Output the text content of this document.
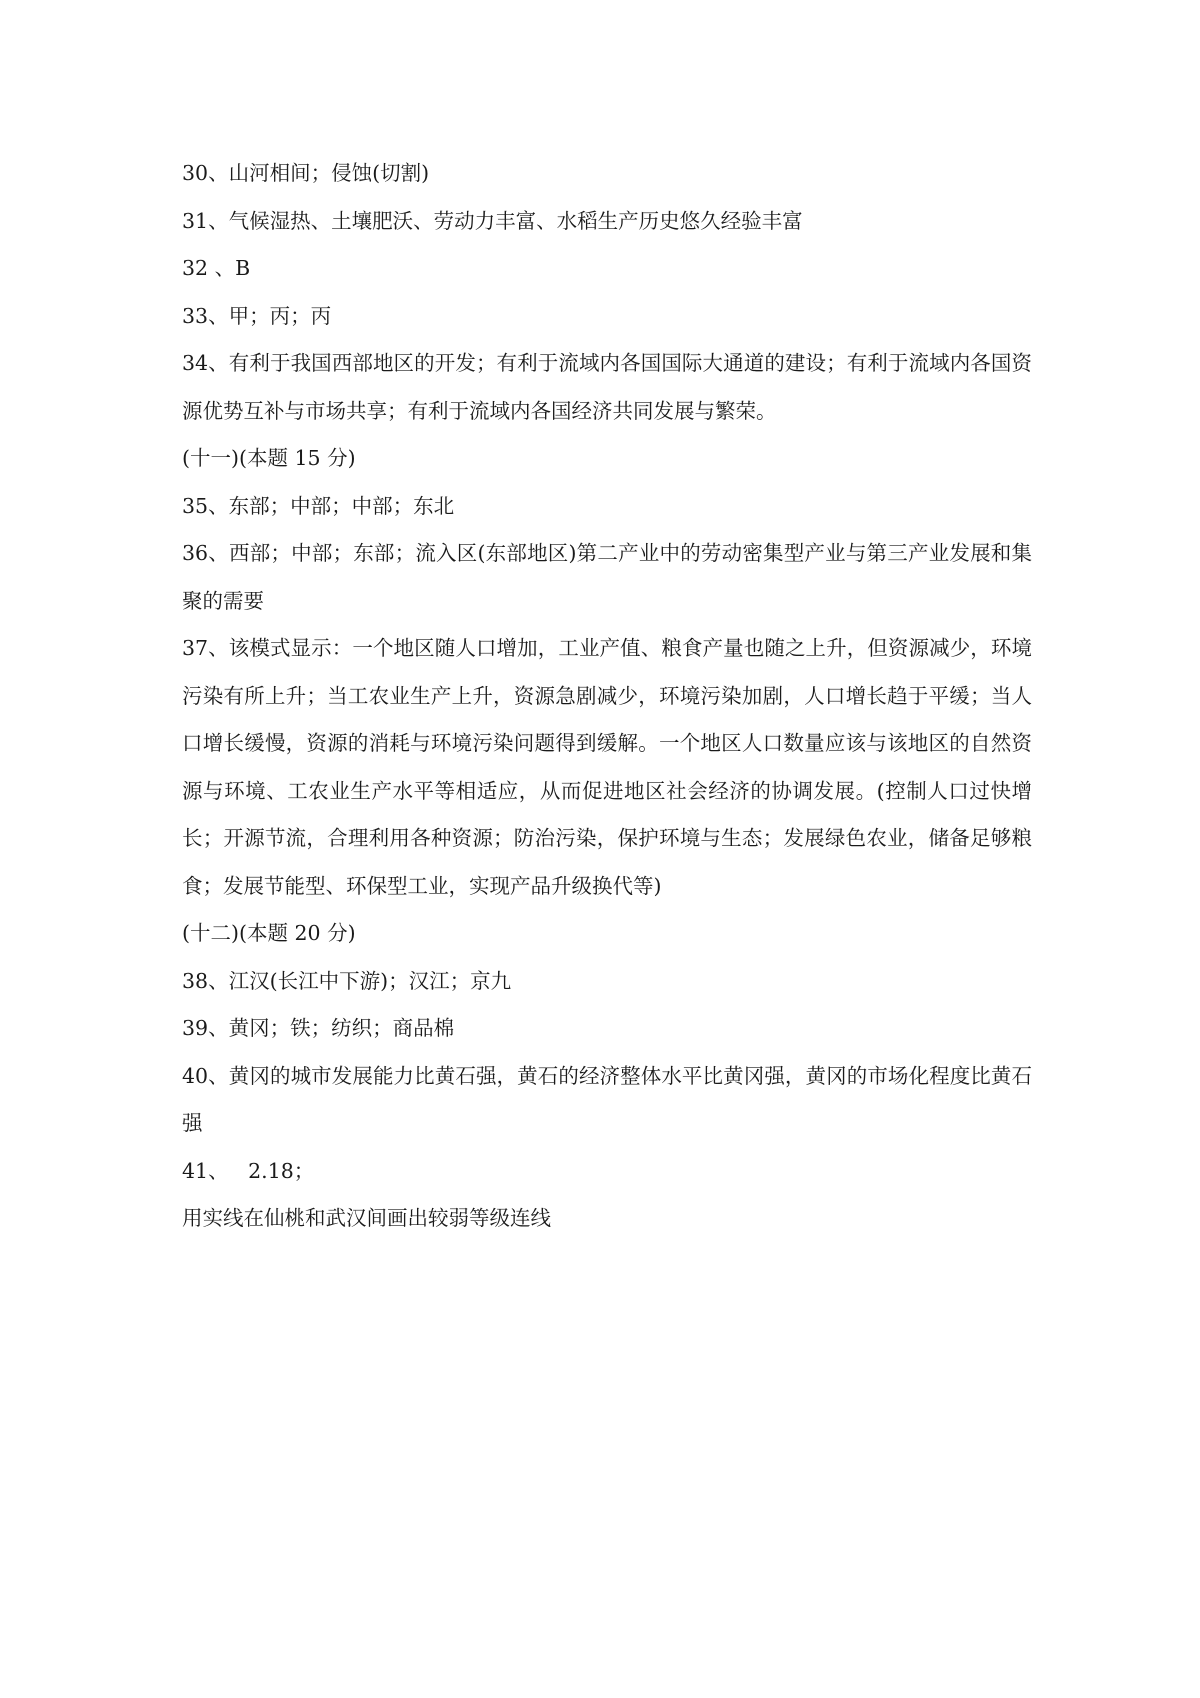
30、山河相间；侵蚀(切割)

31、气候湿热、土壤肥沃、劳动力丰富、水稻生产历史悠久经验丰富

32 、B

33、甲；丙；丙

34、有利于我国西部地区的开发；有利于流域内各国国际大通道的建设；有利于流域内各国资源优势互补与市场共享；有利于流域内各国经济共同发展与繁荣。

(十一)(本题 15 分)

35、东部；中部；中部；东北

36、西部；中部；东部；流入区(东部地区)第二产业中的劳动密集型产业与第三产业发展和集聚的需要

37、该模式显示：一个地区随人口增加，工业产值、粮食产量也随之上升，但资源减少，环境污染有所上升；当工农业生产上升，资源急剧减少，环境污染加剧，人口增长趋于平缓；当人口增长缓慢，资源的消耗与环境污染问题得到缓解。一个地区人口数量应该与该地区的自然资源与环境、工农业生产水平等相适应，从而促进地区社会经济的协调发展。(控制人口过快增长；开源节流，合理利用各种资源；防治污染，保护环境与生态；发展绿色农业，储备足够粮食；发展节能型、环保型工业，实现产品升级换代等)

(十二)(本题 20 分)

38、江汉(长江中下游)；汉江；京九

39、黄冈；铁；纺织；商品棉

40、黄冈的城市发展能力比黄石强，黄石的经济整体水平比黄冈强，黄冈的市场化程度比黄石强

41、   2.18；

用实线在仙桃和武汉间画出较弱等级连线
